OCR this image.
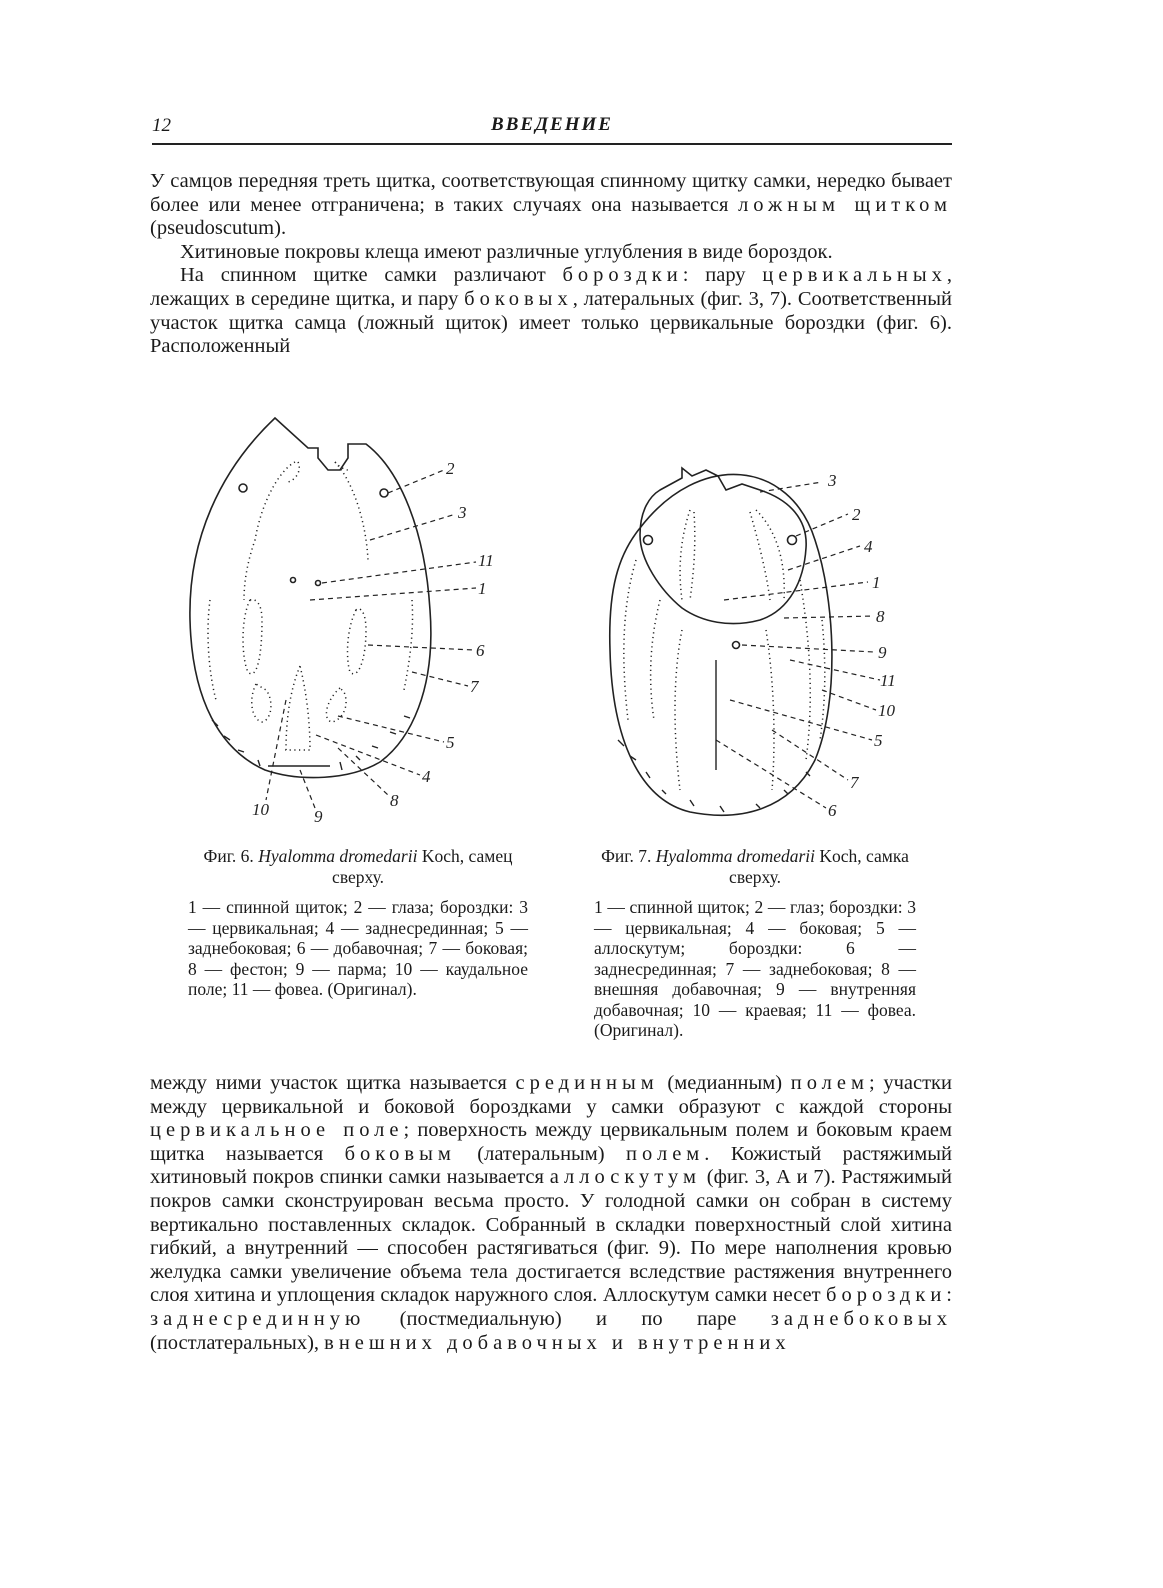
12	ВВЕДЕНИЕ

У самцов передняя треть щитка, соответствующая спинному щитку самки, нередко бывает более или менее отграничена; в таких случаях она называется ложным щитком (pseudoscutum).

Хитиновые покровы клеща имеют различные углубления в виде бороздок.

На спинном щитке самки различают бороздки: пару цервикальных, лежащих в середине щитка, и пару боковых, латеральных (фиг. 3, 7). Соответственный участок щитка самца (ложный щиток) имеет только цервикальные бороздки (фиг. 6). Расположенный

2
3
11
1
6
7
5
4
8
10	9
3
2
4
1
8
9
11
10
5
7
6
Фиг. 6. Hyalomma dromedarii Koch, самец сверху.
1 — спинной щиток; 2 — глаза; бороздки: 3 — цервикальная; 4 — заднесрединная; 5 — заднебоковая; 6 — добавочная; 7 — боковая; 8 — фестон; 9 — парма; 10 — каудальное поле; 11 — фовеа. (Оригинал).
Фиг. 7. Hyalomma dromedarii Koch, самка сверху.
1 — спинной щиток; 2 — глаз; бороздки: 3 — цервикальная; 4 — боковая; 5 — аллоскутум; бороздки: 6 — заднесрединная; 7 — заднебоковая; 8 — внешняя добавочная; 9 — внутренняя добавочная; 10 — краевая; 11 — фовеа. (Оригинал).

между ними участок щитка называется срединным (медианным) полем; участки между цервикальной и боковой бороздками у самки образуют с каждой стороны цервикальное поле; поверхность между цервикальным полем и боковым краем щитка называется боковым (латеральным) полем. Кожистый растяжимый хитиновый покров спинки самки называется аллоскутум (фиг. 3, А и 7). Растяжимый покров самки сконструирован весьма просто. У голодной самки он собран в систему вертикально поставленных складок. Собранный в складки поверхностный слой хитина гибкий, а внутренний — способен растягиваться (фиг. 9). По мере наполнения кровью желудка самки увеличение объема тела достигается вследствие растяжения внутреннего слоя хитина и уплощения складок наружного слоя. Аллоскутум самки несет бороздки: заднесрединную (постмедиальную) и по паре заднебоковых (постлатеральных), внешних добавочных и внутренних
